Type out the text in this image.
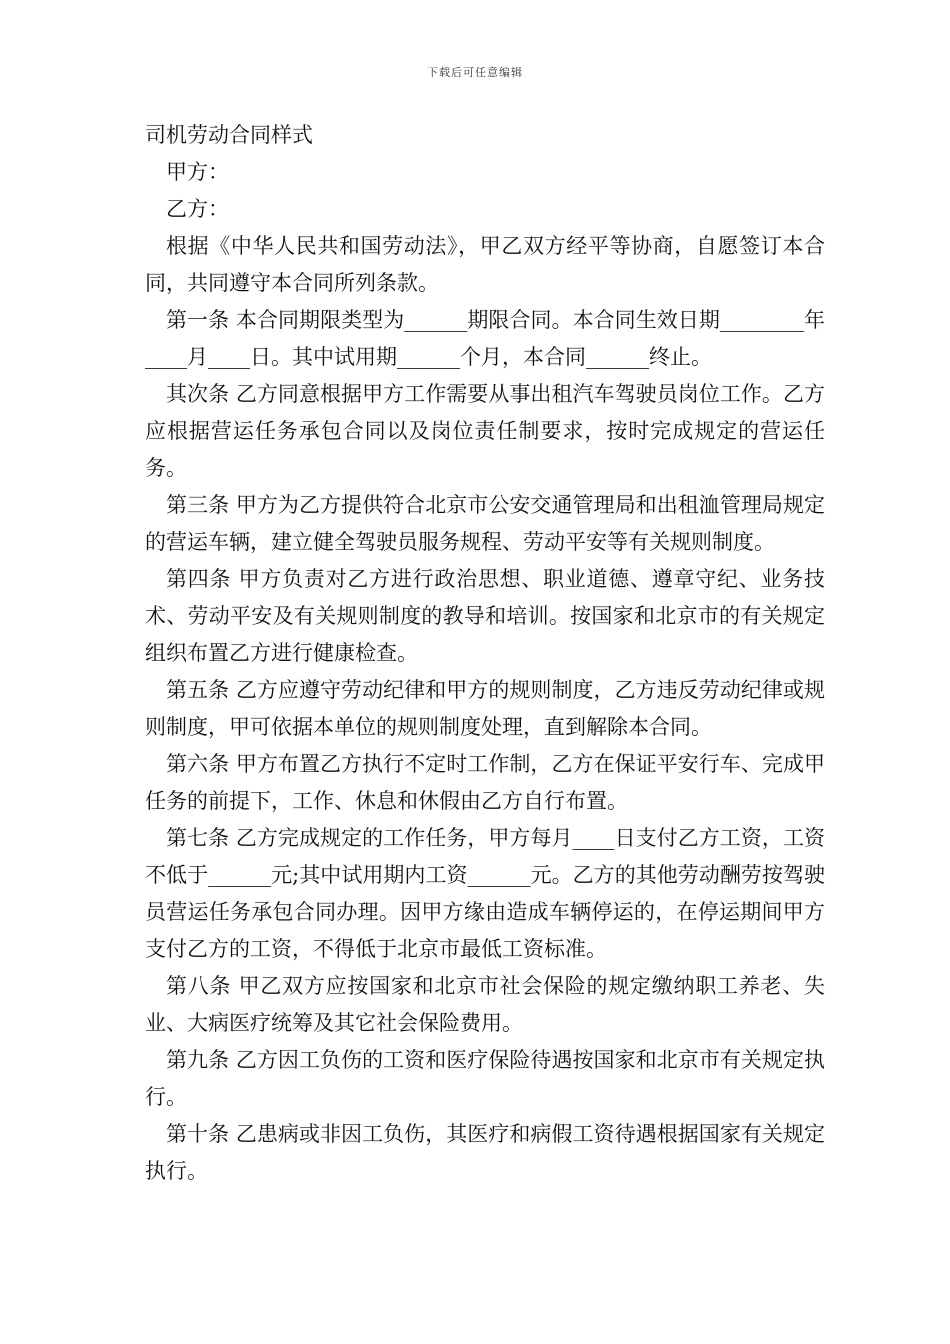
下载后可任意编辑
司机劳动合同样式

甲方：

乙方：

根据《中华人民共和国劳动法》，甲乙双方经平等协商，自愿签订本合同，共同遵守本合同所列条款。

第一条 本合同期限类型为______期限合同。本合同生效日期________年____月____日。其中试用期______个月，本合同______终止。

其次条 乙方同意根据甲方工作需要从事出租汽车驾驶员岗位工作。乙方应根据营运任务承包合同以及岗位责任制要求，按时完成规定的营运任务。

第三条 甲方为乙方提供符合北京市公安交通管理局和出租洫管理局规定的营运车辆，建立健全驾驶员服务规程、劳动平安等有关规则制度。

第四条 甲方负责对乙方进行政治思想、职业道德、遵章守纪、业务技术、劳动平安及有关规则制度的教导和培训。按国家和北京市的有关规定组织布置乙方进行健康检查。

第五条 乙方应遵守劳动纪律和甲方的规则制度，乙方违反劳动纪律或规则制度，甲可依据本单位的规则制度处理，直到解除本合同。

第六条 甲方布置乙方执行不定时工作制，乙方在保证平安行车、完成甲任务的前提下，工作、休息和休假由乙方自行布置。

第七条 乙方完成规定的工作任务，甲方每月____日支付乙方工资，工资不低于______元;其中试用期内工资______元。乙方的其他劳动酬劳按驾驶员营运任务承包合同办理。因甲方缘由造成车辆停运的，在停运期间甲方支付乙方的工资，不得低于北京市最低工资标准。

第八条 甲乙双方应按国家和北京市社会保险的规定缴纳职工养老、失业、大病医疗统筹及其它社会保险费用。

第九条 乙方因工负伤的工资和医疗保险待遇按国家和北京市有关规定执行。

第十条 乙患病或非因工负伤，其医疗和病假工资待遇根据国家有关规定执行。
